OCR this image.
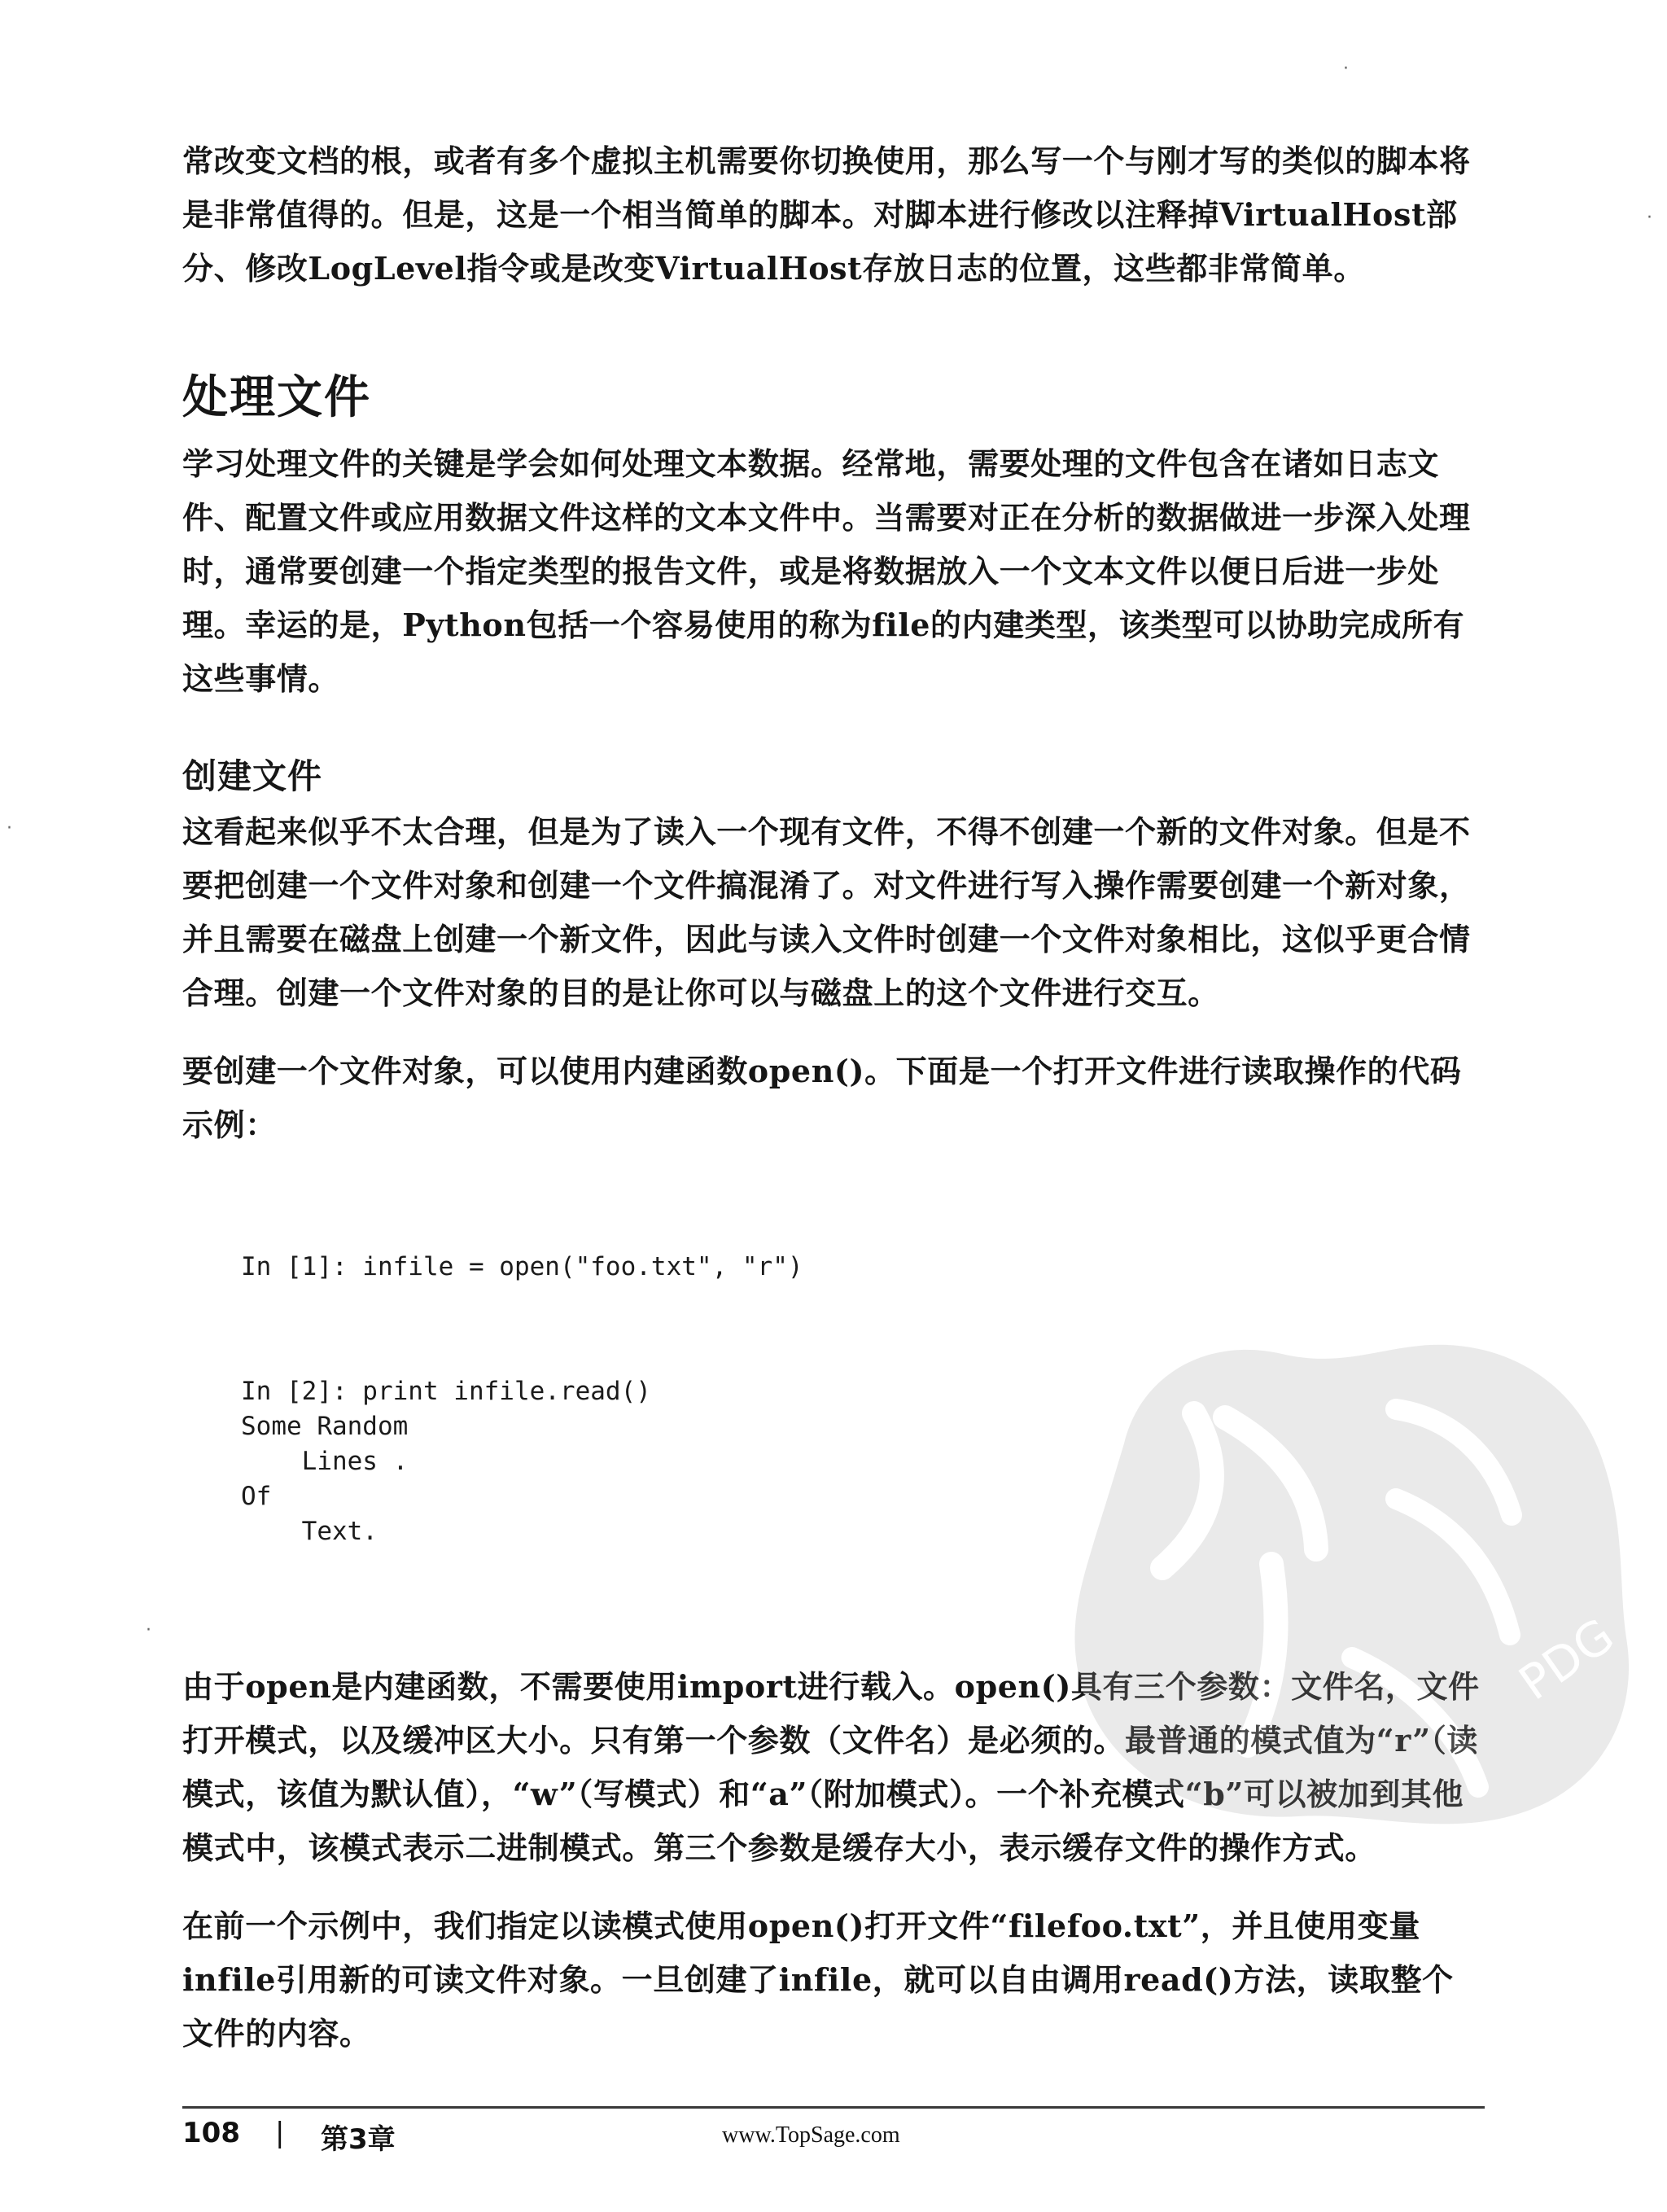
常改变文档的根，或者有多个虚拟主机需要你切换使用，那么写一个与刚才写的类似的脚本将是非常值得的。但是，这是一个相当简单的脚本。对脚本进行修改以注释掉VirtualHost部分、修改LogLevel指令或是改变VirtualHost存放日志的位置，这些都非常简单。

处理文件

学习处理文件的关键是学会如何处理文本数据。经常地，需要处理的文件包含在诸如日志文件、配置文件或应用数据文件这样的文本文件中。当需要对正在分析的数据做进一步深入处理时，通常要创建一个指定类型的报告文件，或是将数据放入一个文本文件以便日后进一步处理。幸运的是，Python包括一个容易使用的称为file的内建类型，该类型可以协助完成所有这些事情。

创建文件

这看起来似乎不太合理，但是为了读入一个现有文件，不得不创建一个新的文件对象。但是不要把创建一个文件对象和创建一个文件搞混淆了。对文件进行写入操作需要创建一个新对象，并且需要在磁盘上创建一个新文件，因此与读入文件时创建一个文件对象相比，这似乎更合情合理。创建一个文件对象的目的是让你可以与磁盘上的这个文件进行交互。

要创建一个文件对象，可以使用内建函数open()。下面是一个打开文件进行读取操作的代码示例：

In [1]: infile = open("foo.txt", "r")

In [2]: print infile.read()
Some Random
Lines .
Of
Text.

由于open是内建函数，不需要使用import进行载入。open()具有三个参数：文件名，文件打开模式，以及缓冲区大小。只有第一个参数（文件名）是必须的。最普通的模式值为“r”（读模式，该值为默认值），“w”（写模式）和“a”（附加模式）。一个补充模式“b”可以被加到其他模式中，该模式表示二进制模式。第三个参数是缓存大小，表示缓存文件的操作方式。

在前一个示例中，我们指定以读模式使用open()打开文件“filefoo.txt”，并且使用变量infile引用新的可读文件对象。一旦创建了infile，就可以自由调用read()方法，读取整个文件的内容。

PDG
·
·
·
·
108 | 第3章	www.TopSage.com
